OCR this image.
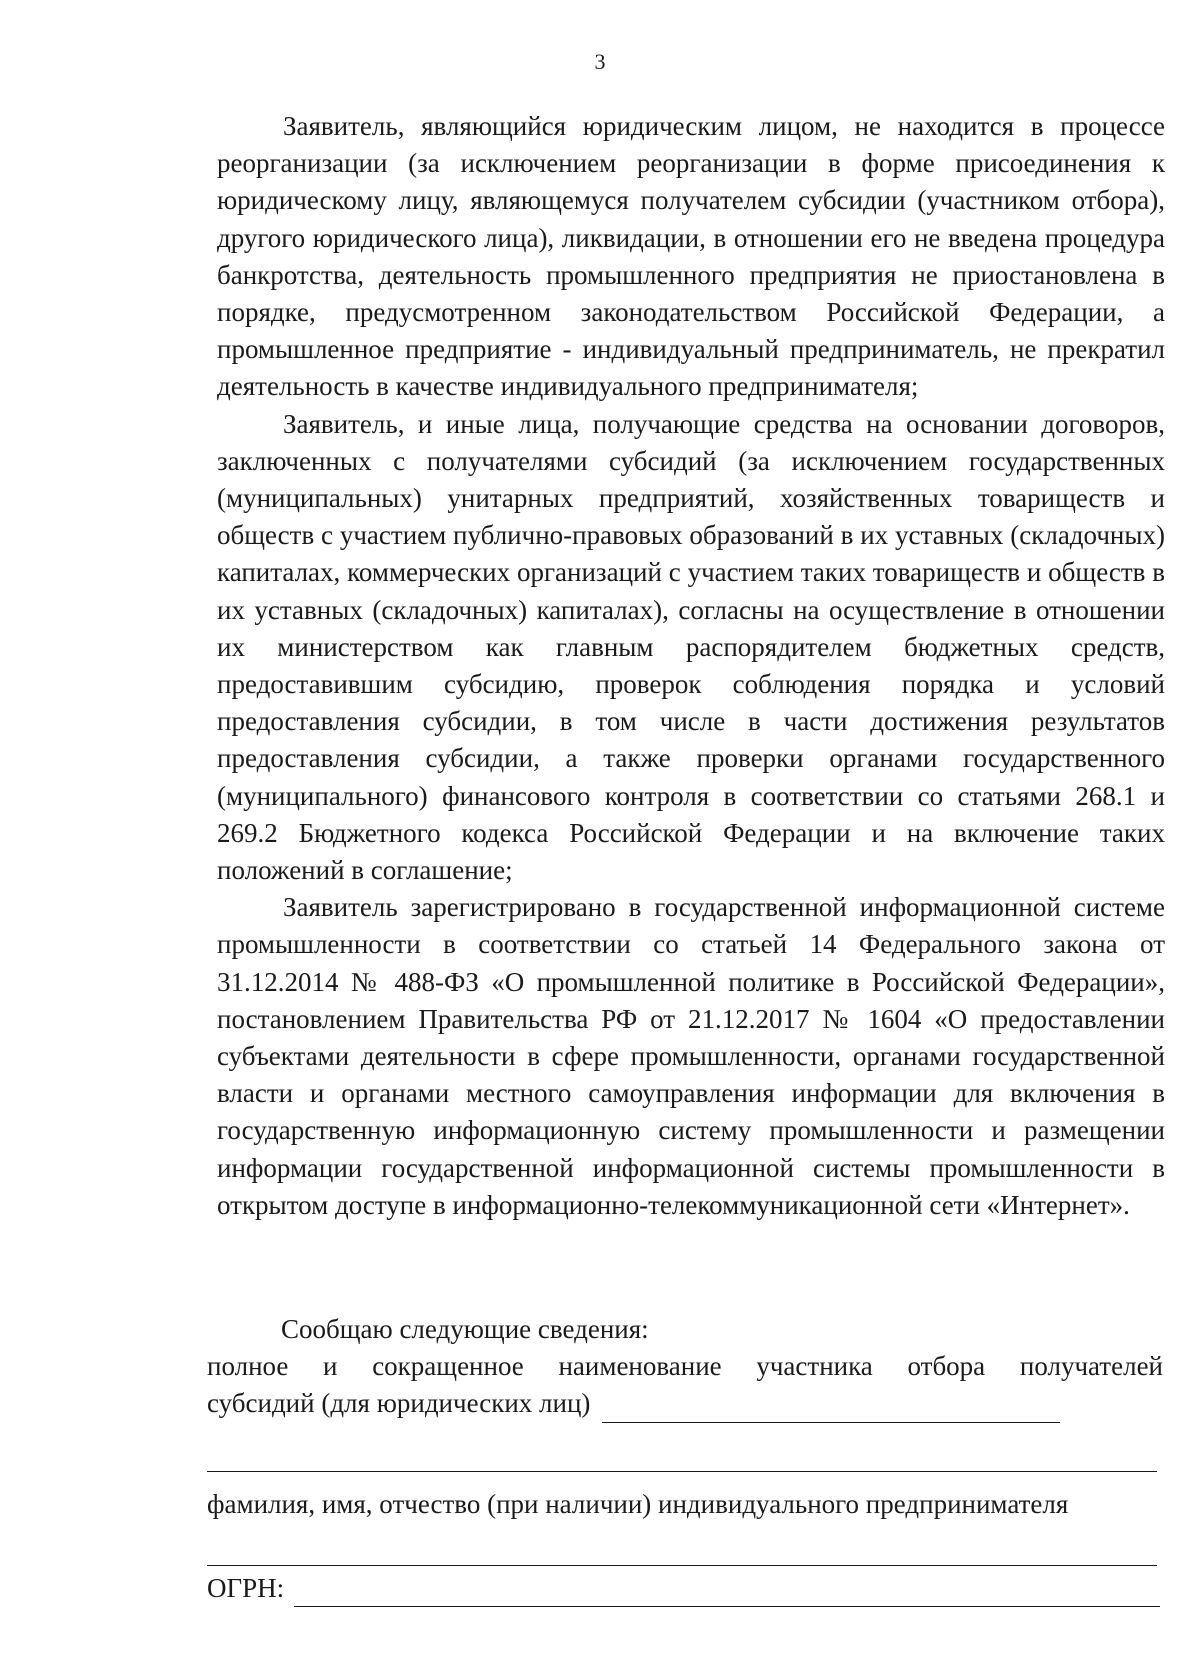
3

Заявитель, являющийся юридическим лицом, не находится в процессе реорганизации (за исключением реорганизации в форме присоединения к юридическому лицу, являющемуся получателем субсидии (участником отбора), другого юридического лица), ликвидации, в отношении его не введена процедура банкротства, деятельность промышленного предприятия не приостановлена в порядке, предусмотренном законодательством Российской Федерации, а промышленное предприятие - индивидуальный предприниматель, не прекратил деятельность в качестве индивидуального предпринимателя;

Заявитель, и иные лица, получающие средства на основании договоров, заключенных с получателями субсидий (за исключением государственных (муниципальных) унитарных предприятий, хозяйственных товариществ и обществ с участием публично-правовых образований в их уставных (складочных) капиталах, коммерческих организаций с участием таких товариществ и обществ в их уставных (складочных) капиталах), согласны на осуществление в отношении их министерством как главным распорядителем бюджетных средств, предоставившим субсидию, проверок соблюдения порядка и условий предоставления субсидии, в том числе в части достижения результатов предоставления субсидии, а также проверки органами государственного (муниципального) финансового контроля в соответствии со статьями 268.1 и 269.2 Бюджетного кодекса Российской Федерации и на включение таких положений в соглашение;

Заявитель зарегистрировано в государственной информационной системе промышленности в соответствии со статьей 14 Федерального закона от 31.12.2014 № 488-ФЗ «О промышленной политике в Российской Федерации», постановлением Правительства РФ от 21.12.2017 № 1604 «О предоставлении субъектами деятельности в сфере промышленности, органами государственной власти и органами местного самоуправления информации для включения в государственную информационную систему промышленности и размещении информации государственной информационной системы промышленности в открытом доступе в информационно-телекоммуникационной сети «Интернет».

Сообщаю следующие сведения:

полное и сокращенное наименование участника отбора получателей

субсидий (для юридических лиц)

фамилия, имя, отчество (при наличии) индивидуального предпринимателя

ОГРН:
